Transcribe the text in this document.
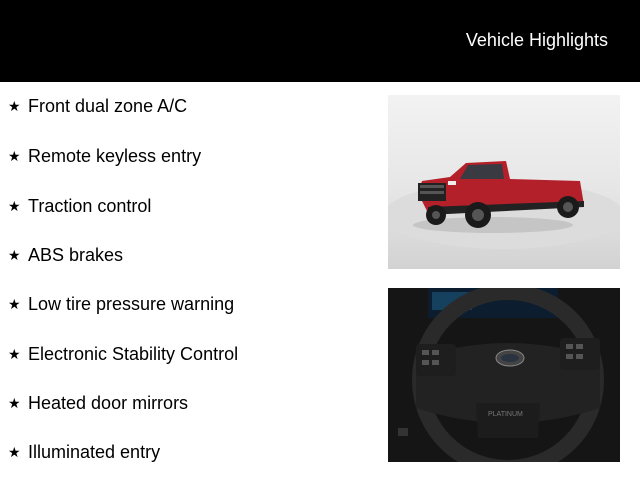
Vehicle Highlights
★ Front dual zone A/C
★ Remote keyless entry
★ Traction control
★ ABS brakes
★ Low tire pressure warning
★ Electronic Stability Control
★ Heated door mirrors
★ Illuminated entry
0
PLATINUM
